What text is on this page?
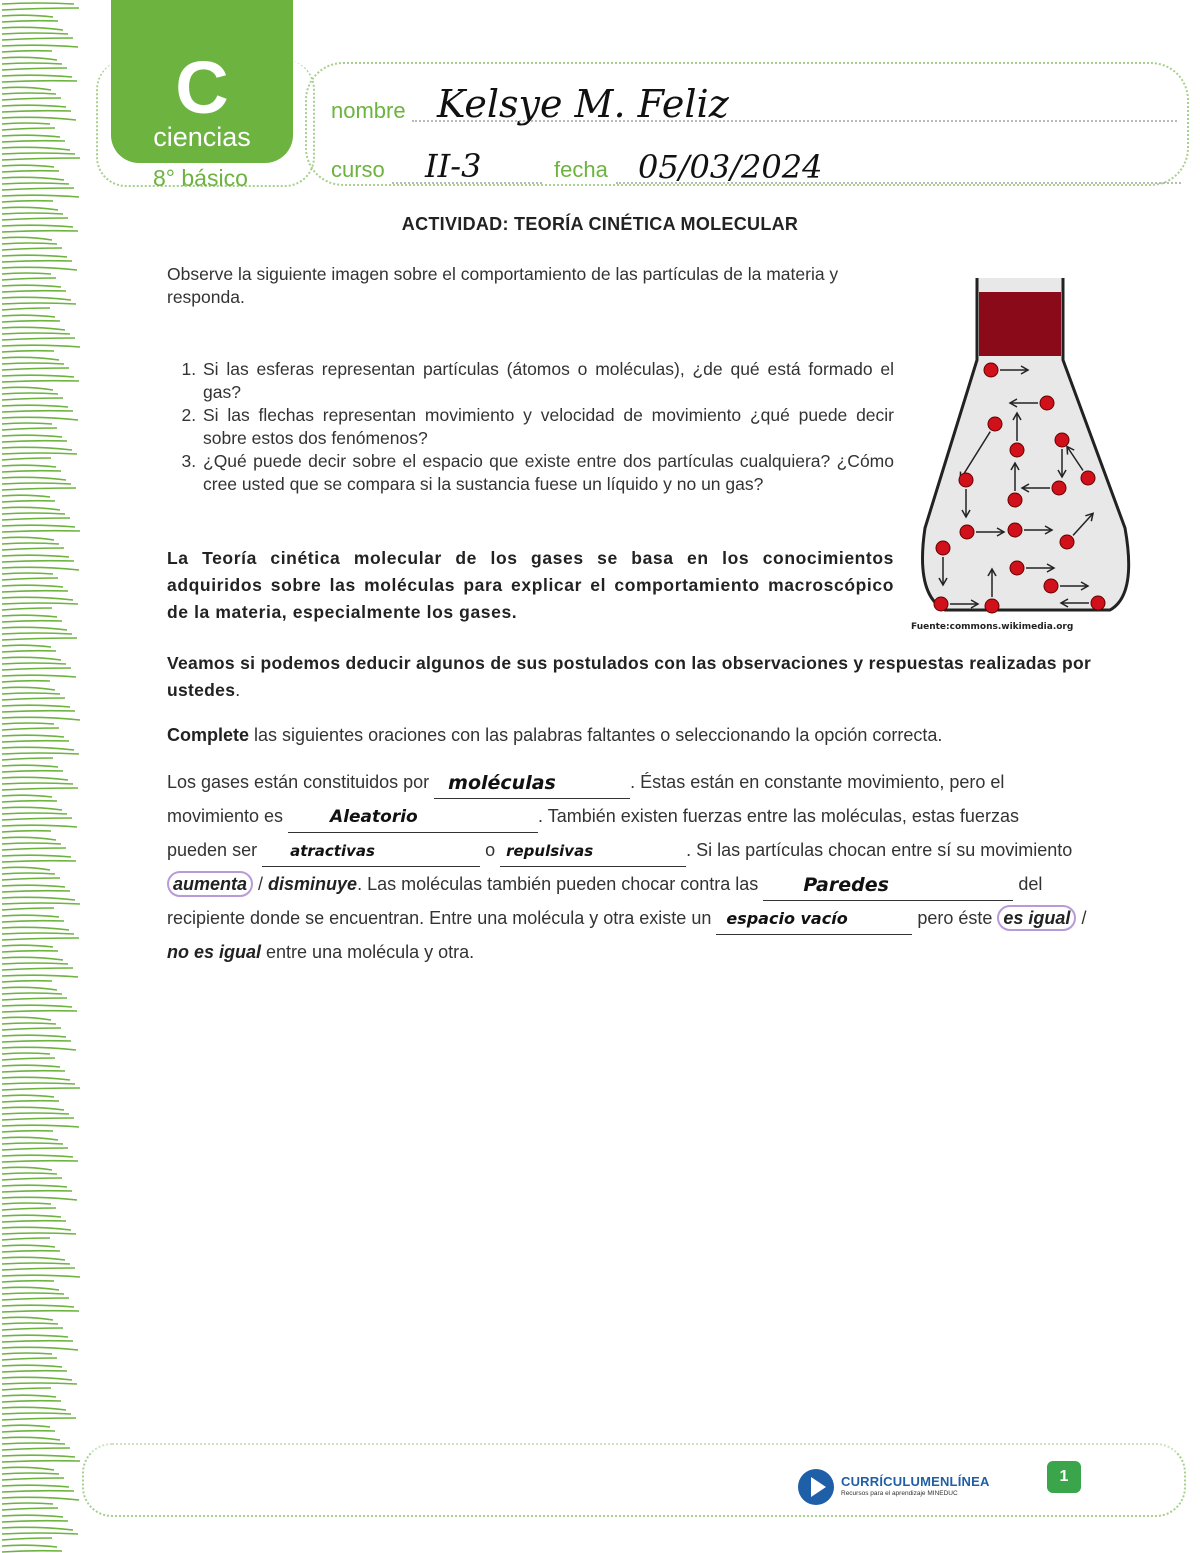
C
ciencias
8° básico
nombre Kelsye M. Feliz
curso II-3	fecha 05/03/2024
ACTIVIDAD: TEORÍA CINÉTICA MOLECULAR
Observe la siguiente imagen sobre el comportamiento de las partículas de la materia y responda.
1. Si las esferas representan partículas (átomos o moléculas), ¿de qué está formado el gas?
2. Si las flechas representan movimiento y velocidad de movimiento ¿qué puede decir sobre estos dos fenómenos?
3. ¿Qué puede decir sobre el espacio que existe entre dos partículas cualquiera? ¿Cómo cree usted que se compara si la sustancia fuese un líquido y no un gas?
La Teoría cinética molecular de los gases se basa en los conocimientos adquiridos sobre las moléculas para explicar el comportamiento macroscópico de la materia, especialmente los gases.
Fuente:commons.wikimedia.org
Veamos si podemos deducir algunos de sus postulados con las observaciones y respuestas realizadas por ustedes.
Complete las siguientes oraciones con las palabras faltantes o seleccionando la opción correcta.
Los gases están constituidos por moléculas	. Éstas están en constante movimiento, pero el
movimiento es Aleatorio	. También existen fuerzas entre las moléculas, estas fuerzas
pueden ser atractivas	o repulsivas	. Si las partículas chocan entre sí su movimiento
aumenta / disminuye. Las moléculas también pueden chocar contra las Paredes	del
recipiente donde se encuentran. Entre una molécula y otra existe un espacio vacío	pero éste es igual /
no es igual entre una molécula y otra.
CURRÍCULUMENLÍNEA
Recursos para el aprendizaje MINEDUC
1
